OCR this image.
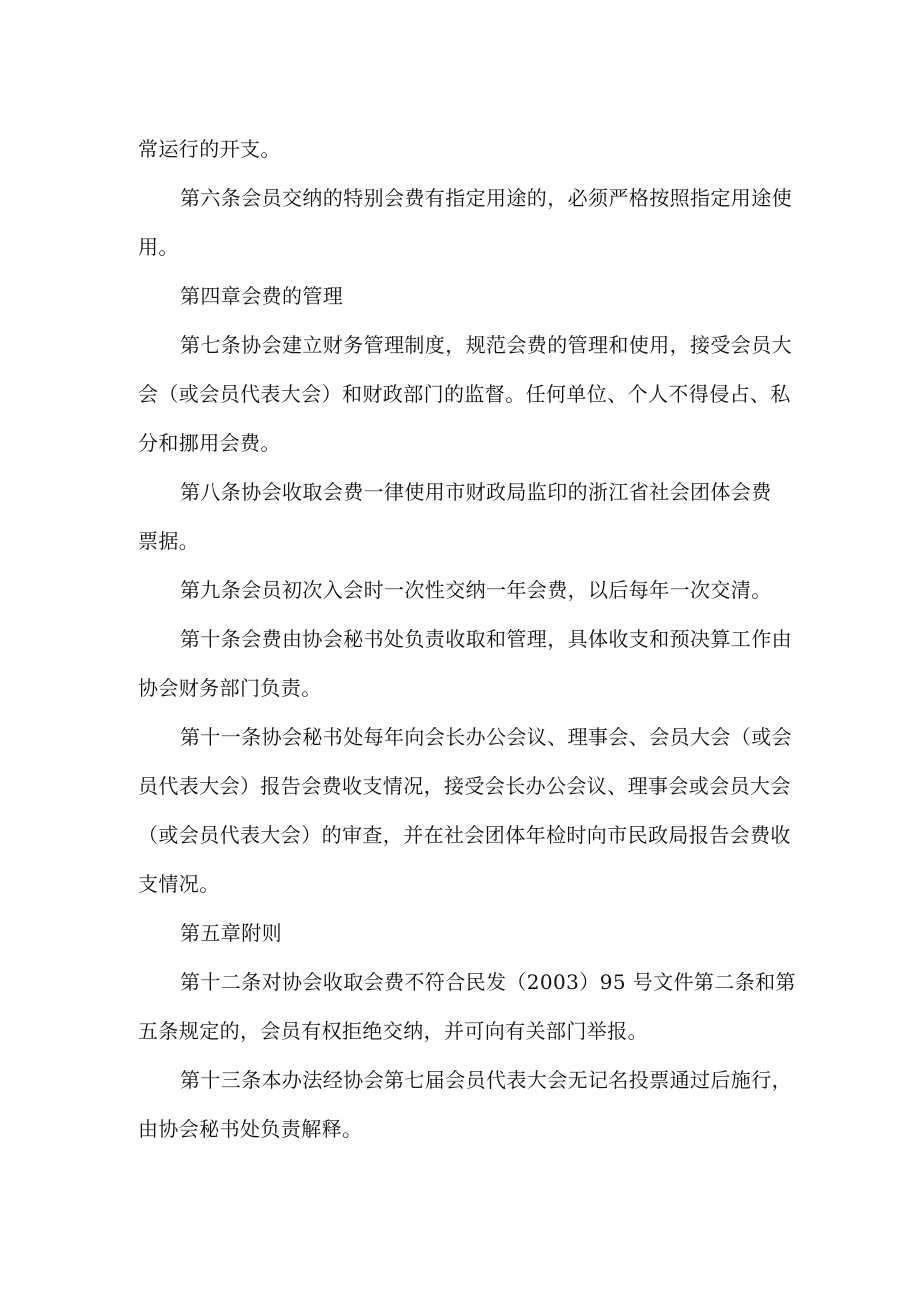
常运行的开支。
第六条会员交纳的特别会费有指定用途的，必须严格按照指定用途使
用。
第四章会费的管理
第七条协会建立财务管理制度，规范会费的管理和使用，接受会员大
会（或会员代表大会）和财政部门的监督。任何单位、个人不得侵占、私
分和挪用会费。
第八条协会收取会费一律使用市财政局监印的浙江省社会团体会费
票据。
第九条会员初次入会时一次性交纳一年会费，以后每年一次交清。
第十条会费由协会秘书处负责收取和管理，具体收支和预决算工作由
协会财务部门负责。
第十一条协会秘书处每年向会长办公会议、理事会、会员大会（或会
员代表大会）报告会费收支情况，接受会长办公会议、理事会或会员大会
（或会员代表大会）的审查，并在社会团体年检时向市民政局报告会费收
支情况。
第五章附则
第十二条对协会收取会费不符合民发（2003）95 号文件第二条和第
五条规定的，会员有权拒绝交纳，并可向有关部门举报。
第十三条本办法经协会第七届会员代表大会无记名投票通过后施行，
由协会秘书处负责解释。
